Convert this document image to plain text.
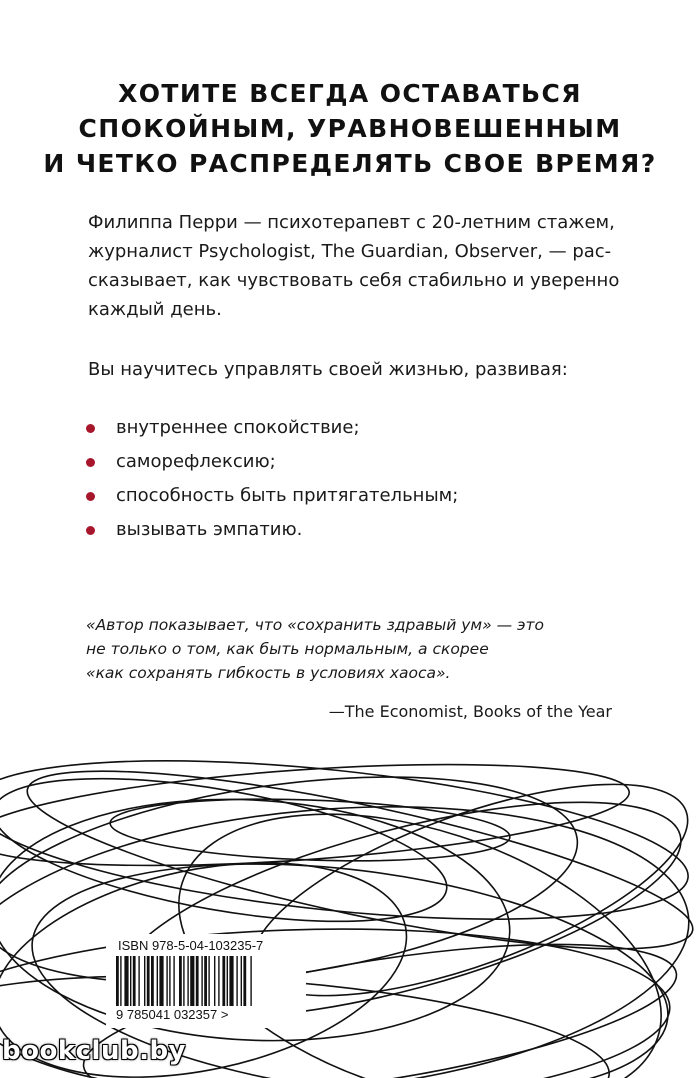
ХОТИТЕ ВСЕГДА ОСТАВАТЬСЯ
СПОКОЙНЫМ, УРАВНОВЕШЕННЫМ
И ЧЕТКО РАСПРЕДЕЛЯТЬ СВОЕ ВРЕМЯ?
Филиппа Перри — психотерапевт с 20-летним стажем,
журналист Psychologist, The Guardian, Observer, — рас-
сказывает, как чувствовать себя стабильно и уверенно
каждый день.
Вы научитесь управлять своей жизнью, развивая:
внутреннее спокойствие;
саморефлексию;
способность быть притягательным;
вызывать эмпатию.
«Автор показывает, что «сохранить здравый ум» — это
не только о том, как быть нормальным, а скорее
«как сохранять гибкость в условиях хаоса».
—The Economist, Books of the Year
ISBN 978-5-04-103235-7
9 785041 032357 >
bookclub.by
